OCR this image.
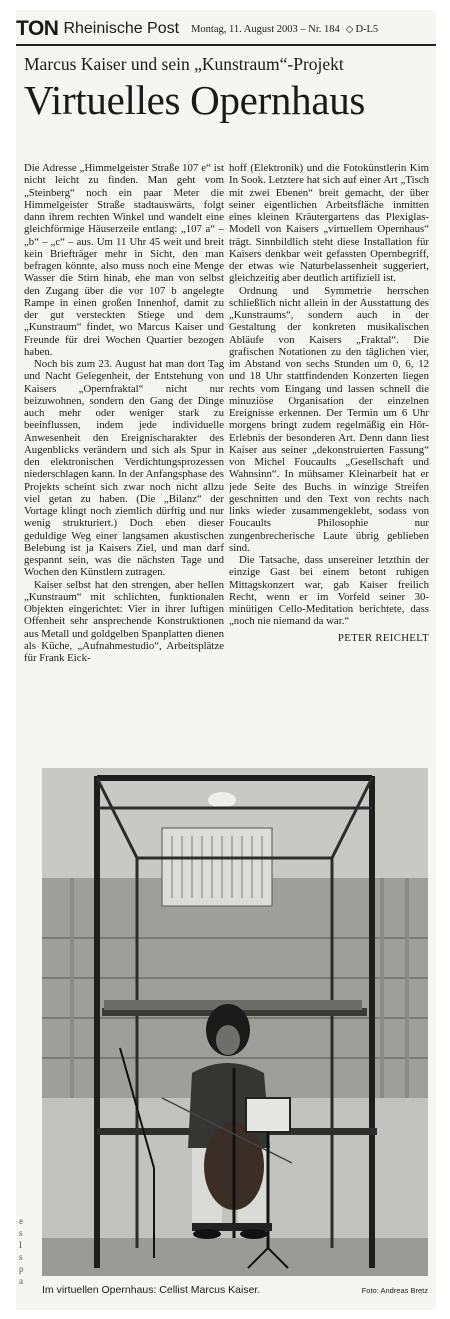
TON Rheinische Post Montag, 11. August 2003 – Nr. 184 ◇ D-L5
Marcus Kaiser und sein „Kunstraum“-Projekt
Virtuelles Opernhaus

Die Adresse „Himmelgeister Straße 107 e“ ist nicht leicht zu finden. Man geht vom „Steinberg“ noch ein paar Meter die Himmelgeister Straße stadtauswärts, folgt dann ihrem rechten Winkel und wandelt eine gleichförmige Häuserzeile entlang: „107 a“ – „b“ – „c“ – aus. Um 11 Uhr 45 weit und breit kein Briefträger mehr in Sicht, den man befragen könnte, also muss noch eine Menge Wasser die Stirn hinab, ehe man von selbst den Zugang über die vor 107 b angelegte Rampe in einen großen Innenhof, damit zu der gut versteckten Stiege und dem „Kunstraum“ findet, wo Marcus Kaiser und Freunde für drei Wochen Quartier bezogen haben.

Noch bis zum 23. August hat man dort Tag und Nacht Gelegenheit, der Entstehung von Kaisers „Opernfraktal“ nicht nur beizuwohnen, sondern den Gang der Dinge auch mehr oder weniger stark zu beeinflussen, indem jede individuelle Anwesenheit den Ereignischarakter des Augenblicks verändern und sich als Spur in den elektronischen Verdichtungsprozessen niederschlagen kann. In der Anfangsphase des Projekts scheint sich zwar noch nicht allzu viel getan zu haben. (Die „Bilanz“ der Vortage klingt noch ziemlich dürftig und nur wenig strukturiert.) Doch eben dieser geduldige Weg einer langsamen akustischen Belebung ist ja Kaisers Ziel, und man darf gespannt sein, was die nächsten Tage und Wochen den Künstlern zutragen.

Kaiser selbst hat den strengen, aber hellen „Kunstraum“ mit schlichten, funktionalen Objekten eingerichtet: Vier in ihrer luftigen Offenheit sehr ansprechende Konstruktionen aus Metall und goldgelben Spanplatten dienen als Küche, „Aufnahmestudio“, Arbeitsplätze für Frank Eick-

hoff (Elektronik) und die Fotokünstlerin Kim In Sook. Letztere hat sich auf einer Art „Tisch mit zwei Ebenen“ breit gemacht, der über seiner eigentlichen Arbeitsfläche inmitten eines kleinen Kräutergartens das Plexiglas-Modell von Kaisers „virtuellem Opernhaus“ trägt. Sinnbildlich steht diese Installation für Kaisers denkbar weit gefassten Opernbegriff, der etwas wie Naturbelassenheit suggeriert, gleichzeitig aber deutlich artifiziell ist.

Ordnung und Symmetrie herrschen schließlich nicht allein in der Ausstattung des „Kunstraums“, sondern auch in der Gestaltung der konkreten musikalischen Abläufe von Kaisers „Fraktal“. Die grafischen Notationen zu den täglichen vier, im Abstand von sechs Stunden um 0, 6, 12 und 18 Uhr stattfindenden Konzerten liegen rechts vom Eingang und lassen schnell die minuziöse Organisation der einzelnen Ereignisse erkennen. Der Termin um 6 Uhr morgens bringt zudem regelmäßig ein Hör-Erlebnis der besonderen Art. Denn dann liest Kaiser aus seiner „dekonstruierten Fassung“ von Michel Foucaults „Gesellschaft und Wahnsinn“. In mühsamer Kleinarbeit hat er jede Seite des Buchs in winzige Streifen geschnitten und den Text von rechts nach links wieder zusammengeklebt, sodass von Foucaults Philosophie nur zungenbrecherische Laute übrig geblieben sind.

Die Tatsache, dass unsereiner letzthin der einzige Gast bei einem betont ruhigen Mittagskonzert war, gab Kaiser freilich Recht, wenn er im Vorfeld seiner 30-minütigen Cello-Meditation berichtete, dass „noch nie niemand da war.“

PETER REICHELT
Im virtuellen Opernhaus: Cellist Marcus Kaiser.	Foto: Andreas Bretz
e
s
I
s
p
a
